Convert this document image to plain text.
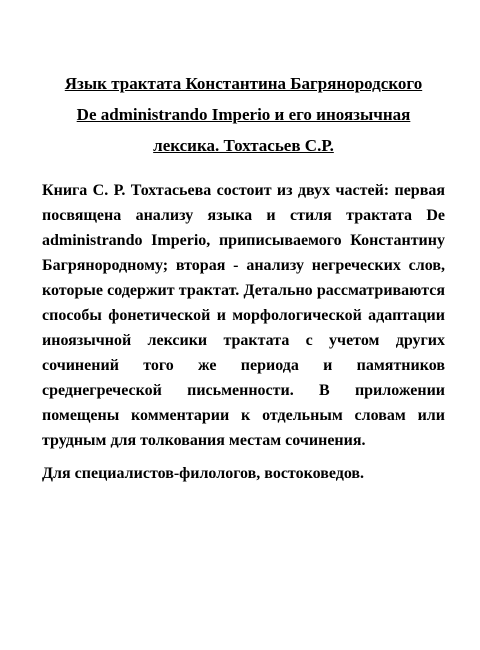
Язык трактата Константина Багрянородского
De administrando Imperio и его иноязычная
лексика. Тохтасьев С.Р.

Книга С. Р. Тохтасьева состоит из двух частей: первая посвящена анализу языка и стиля трактата De administrando Imperio, приписываемого Константину Багрянородному; вторая - анализу негреческих слов, которые содержит трактат. Детально рассматриваются способы фонетической и морфологической адаптации иноязычной лексики трактата с учетом других сочинений того же периода и памятников среднегреческой письменности. В приложении помещены комментарии к отдельным словам или трудным для толкования местам сочинения.

Для специалистов-филологов, востоковедов.
